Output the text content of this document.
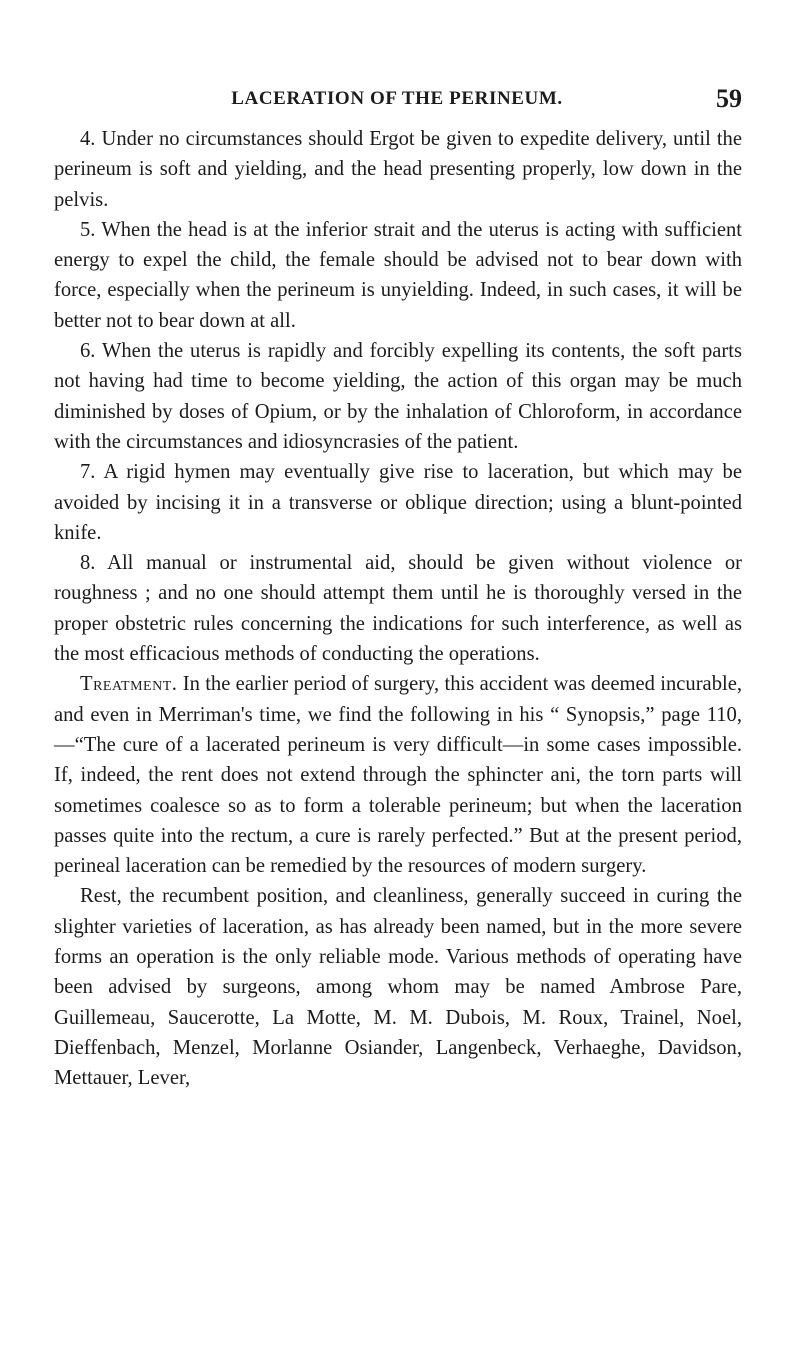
LACERATION OF THE PERINEUM.	59

4. Under no circumstances should Ergot be given to expedite delivery, until the perineum is soft and yielding, and the head presenting properly, low down in the pelvis.

5. When the head is at the inferior strait and the uterus is acting with sufficient energy to expel the child, the female should be advised not to bear down with force, especially when the perineum is unyielding. Indeed, in such cases, it will be better not to bear down at all.

6. When the uterus is rapidly and forcibly expelling its contents, the soft parts not having had time to become yielding, the action of this organ may be much diminished by doses of Opium, or by the inhalation of Chloroform, in accordance with the circumstances and idiosyncrasies of the patient.

7. A rigid hymen may eventually give rise to laceration, but which may be avoided by incising it in a transverse or oblique direction; using a blunt-pointed knife.

8. All manual or instrumental aid, should be given without violence or roughness ; and no one should attempt them until he is thoroughly versed in the proper obstetric rules concerning the indications for such interference, as well as the most efficacious methods of conducting the operations.

Treatment. In the earlier period of surgery, this accident was deemed incurable, and even in Merriman's time, we find the following in his “ Synopsis,” page 110,—“The cure of a lacerated perineum is very difficult—in some cases impossible. If, indeed, the rent does not extend through the sphincter ani, the torn parts will sometimes coalesce so as to form a tolerable perineum; but when the laceration passes quite into the rectum, a cure is rarely perfected.” But at the present period, perineal laceration can be remedied by the resources of modern surgery.

Rest, the recumbent position, and cleanliness, generally succeed in curing the slighter varieties of laceration, as has already been named, but in the more severe forms an operation is the only reliable mode. Various methods of operating have been advised by surgeons, among whom may be named Ambrose Pare, Guillemeau, Saucerotte, La Motte, M. M. Dubois, M. Roux, Trainel, Noel, Dieffenbach, Menzel, Morlanne Osiander, Langenbeck, Verhaeghe, Davidson, Mettauer, Lever,
